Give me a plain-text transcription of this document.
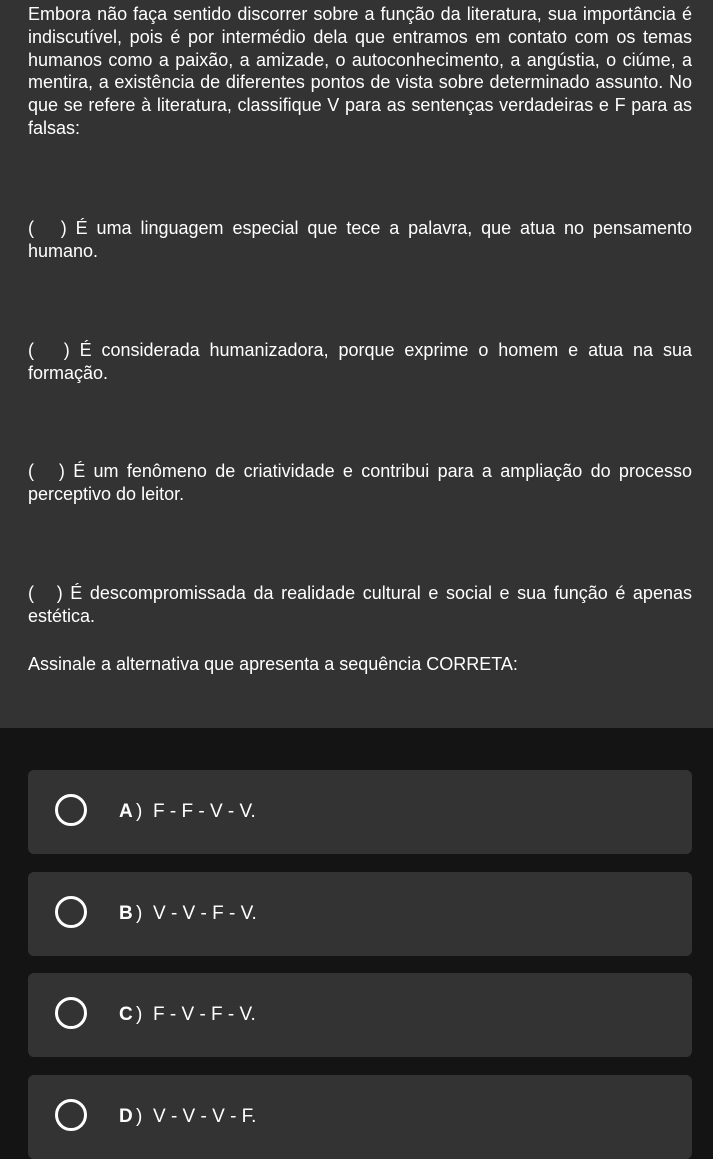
Embora não faça sentido discorrer sobre a função da literatura, sua importância é indiscutível, pois é por intermédio dela que entramos em contato com os temas humanos como a paixão, a amizade, o autoconhecimento, a angústia, o ciúme, a mentira, a existência de diferentes pontos de vista sobre determinado assunto. No que se refere à literatura, classifique V para as sentenças verdadeiras e F para as falsas:

(   ) É uma linguagem especial que tece a palavra, que atua no pensamento humano.

(   ) É considerada humanizadora, porque exprime o homem e atua na sua formação.

(   ) É um fenômeno de criatividade e contribui para a ampliação do processo perceptivo do leitor.

(   ) É descompromissada da realidade cultural e social e sua função é apenas estética.

Assinale a alternativa que apresenta a sequência CORRETA:

A ) F - F - V - V.
B ) V - V - F - V.
C ) F - V - F - V.
D ) V - V - V - F.
